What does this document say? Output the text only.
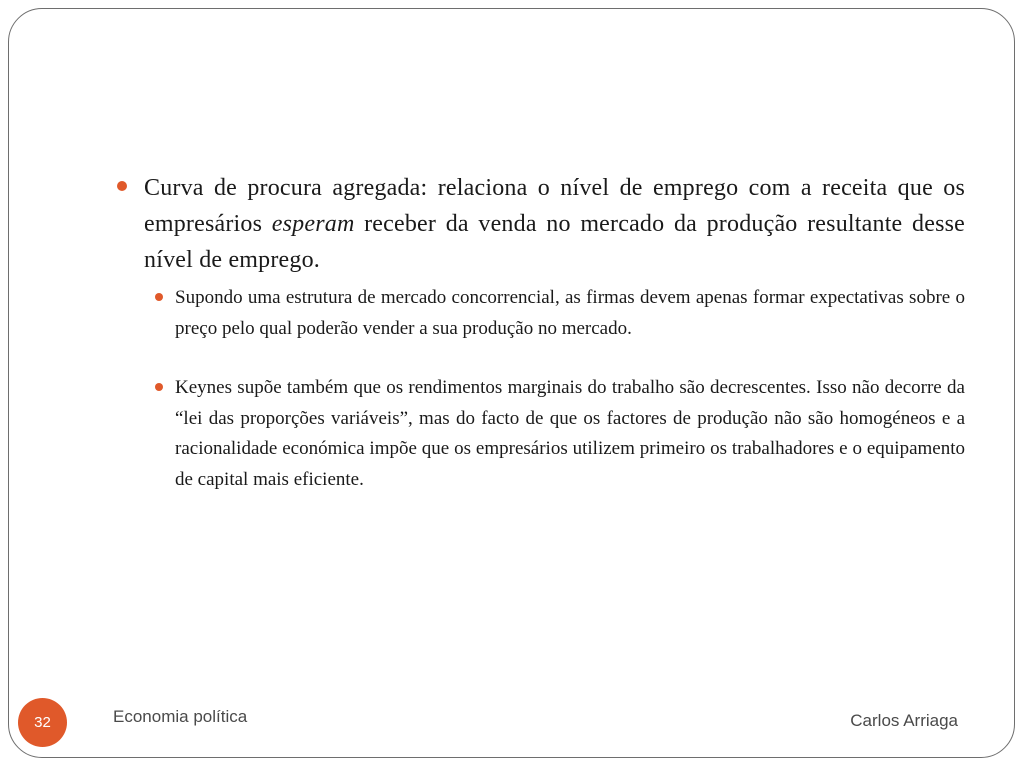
Curva de procura agregada: relaciona o nível de emprego com a receita que os empresários esperam receber da venda no mercado da produção resultante desse nível de emprego.
Supondo uma estrutura de mercado concorrencial, as firmas devem apenas formar expectativas sobre o preço pelo qual poderão vender a sua produção no mercado.
Keynes supõe também que os rendimentos marginais do trabalho são decrescentes. Isso não decorre da “lei das proporções variáveis”, mas do facto de que os factores de produção não são homogéneos e a racionalidade económica impõe que os empresários utilizem primeiro os trabalhadores e o equipamento de capital mais eficiente.
32	Economia política	Carlos Arriaga
